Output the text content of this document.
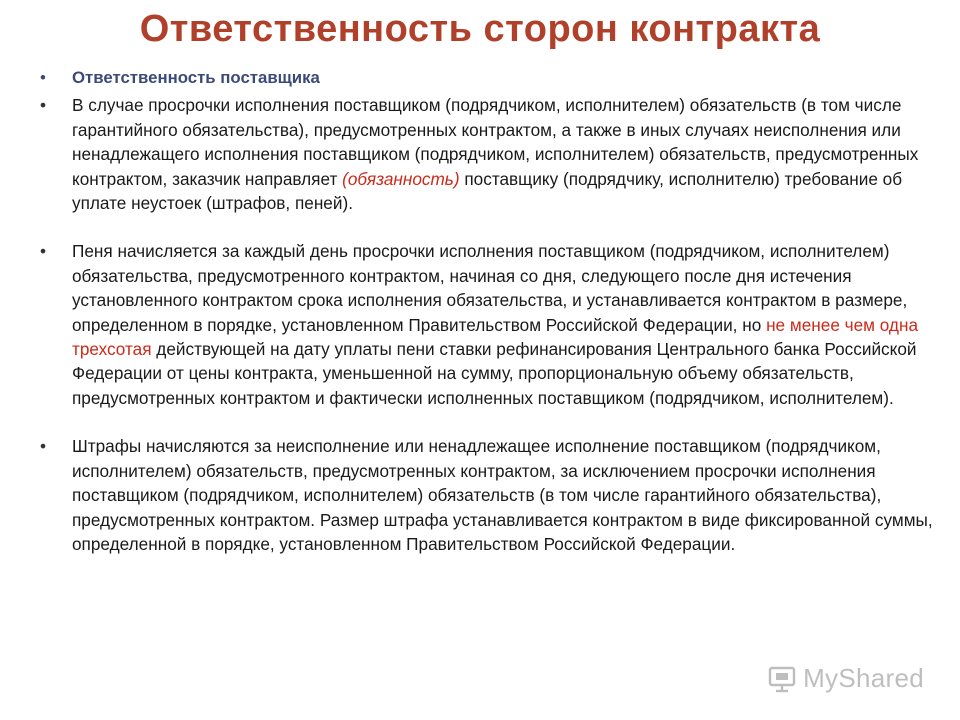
Ответственность сторон контракта
•	Ответственность поставщика
•	В случае просрочки исполнения поставщиком (подрядчиком, исполнителем) обязательств (в том числе гарантийного обязательства), предусмотренных контрактом, а также в иных случаях неисполнения или ненадлежащего исполнения поставщиком (подрядчиком, исполнителем) обязательств, предусмотренных контрактом, заказчик направляет (обязанность) поставщику (подрядчику, исполнителю) требование об уплате неустоек (штрафов, пеней).
•	Пеня начисляется за каждый день просрочки исполнения поставщиком (подрядчиком, исполнителем) обязательства, предусмотренного контрактом, начиная со дня, следующего после дня истечения установленного контрактом срока исполнения обязательства, и устанавливается контрактом в размере, определенном в порядке, установленном Правительством Российской Федерации, но не менее чем одна трехсотая действующей на дату уплаты пени ставки рефинансирования Центрального банка Российской Федерации от цены контракта, уменьшенной на сумму, пропорциональную объему обязательств, предусмотренных контрактом и фактически исполненных поставщиком (подрядчиком, исполнителем).
•	Штрафы начисляются за неисполнение или ненадлежащее исполнение поставщиком (подрядчиком, исполнителем) обязательств, предусмотренных контрактом, за исключением просрочки исполнения поставщиком (подрядчиком, исполнителем) обязательств (в том числе гарантийного обязательства), предусмотренных контрактом. Размер штрафа устанавливается контрактом в виде фиксированной суммы, определенной в порядке, установленном Правительством Российской Федерации.
MyShared
